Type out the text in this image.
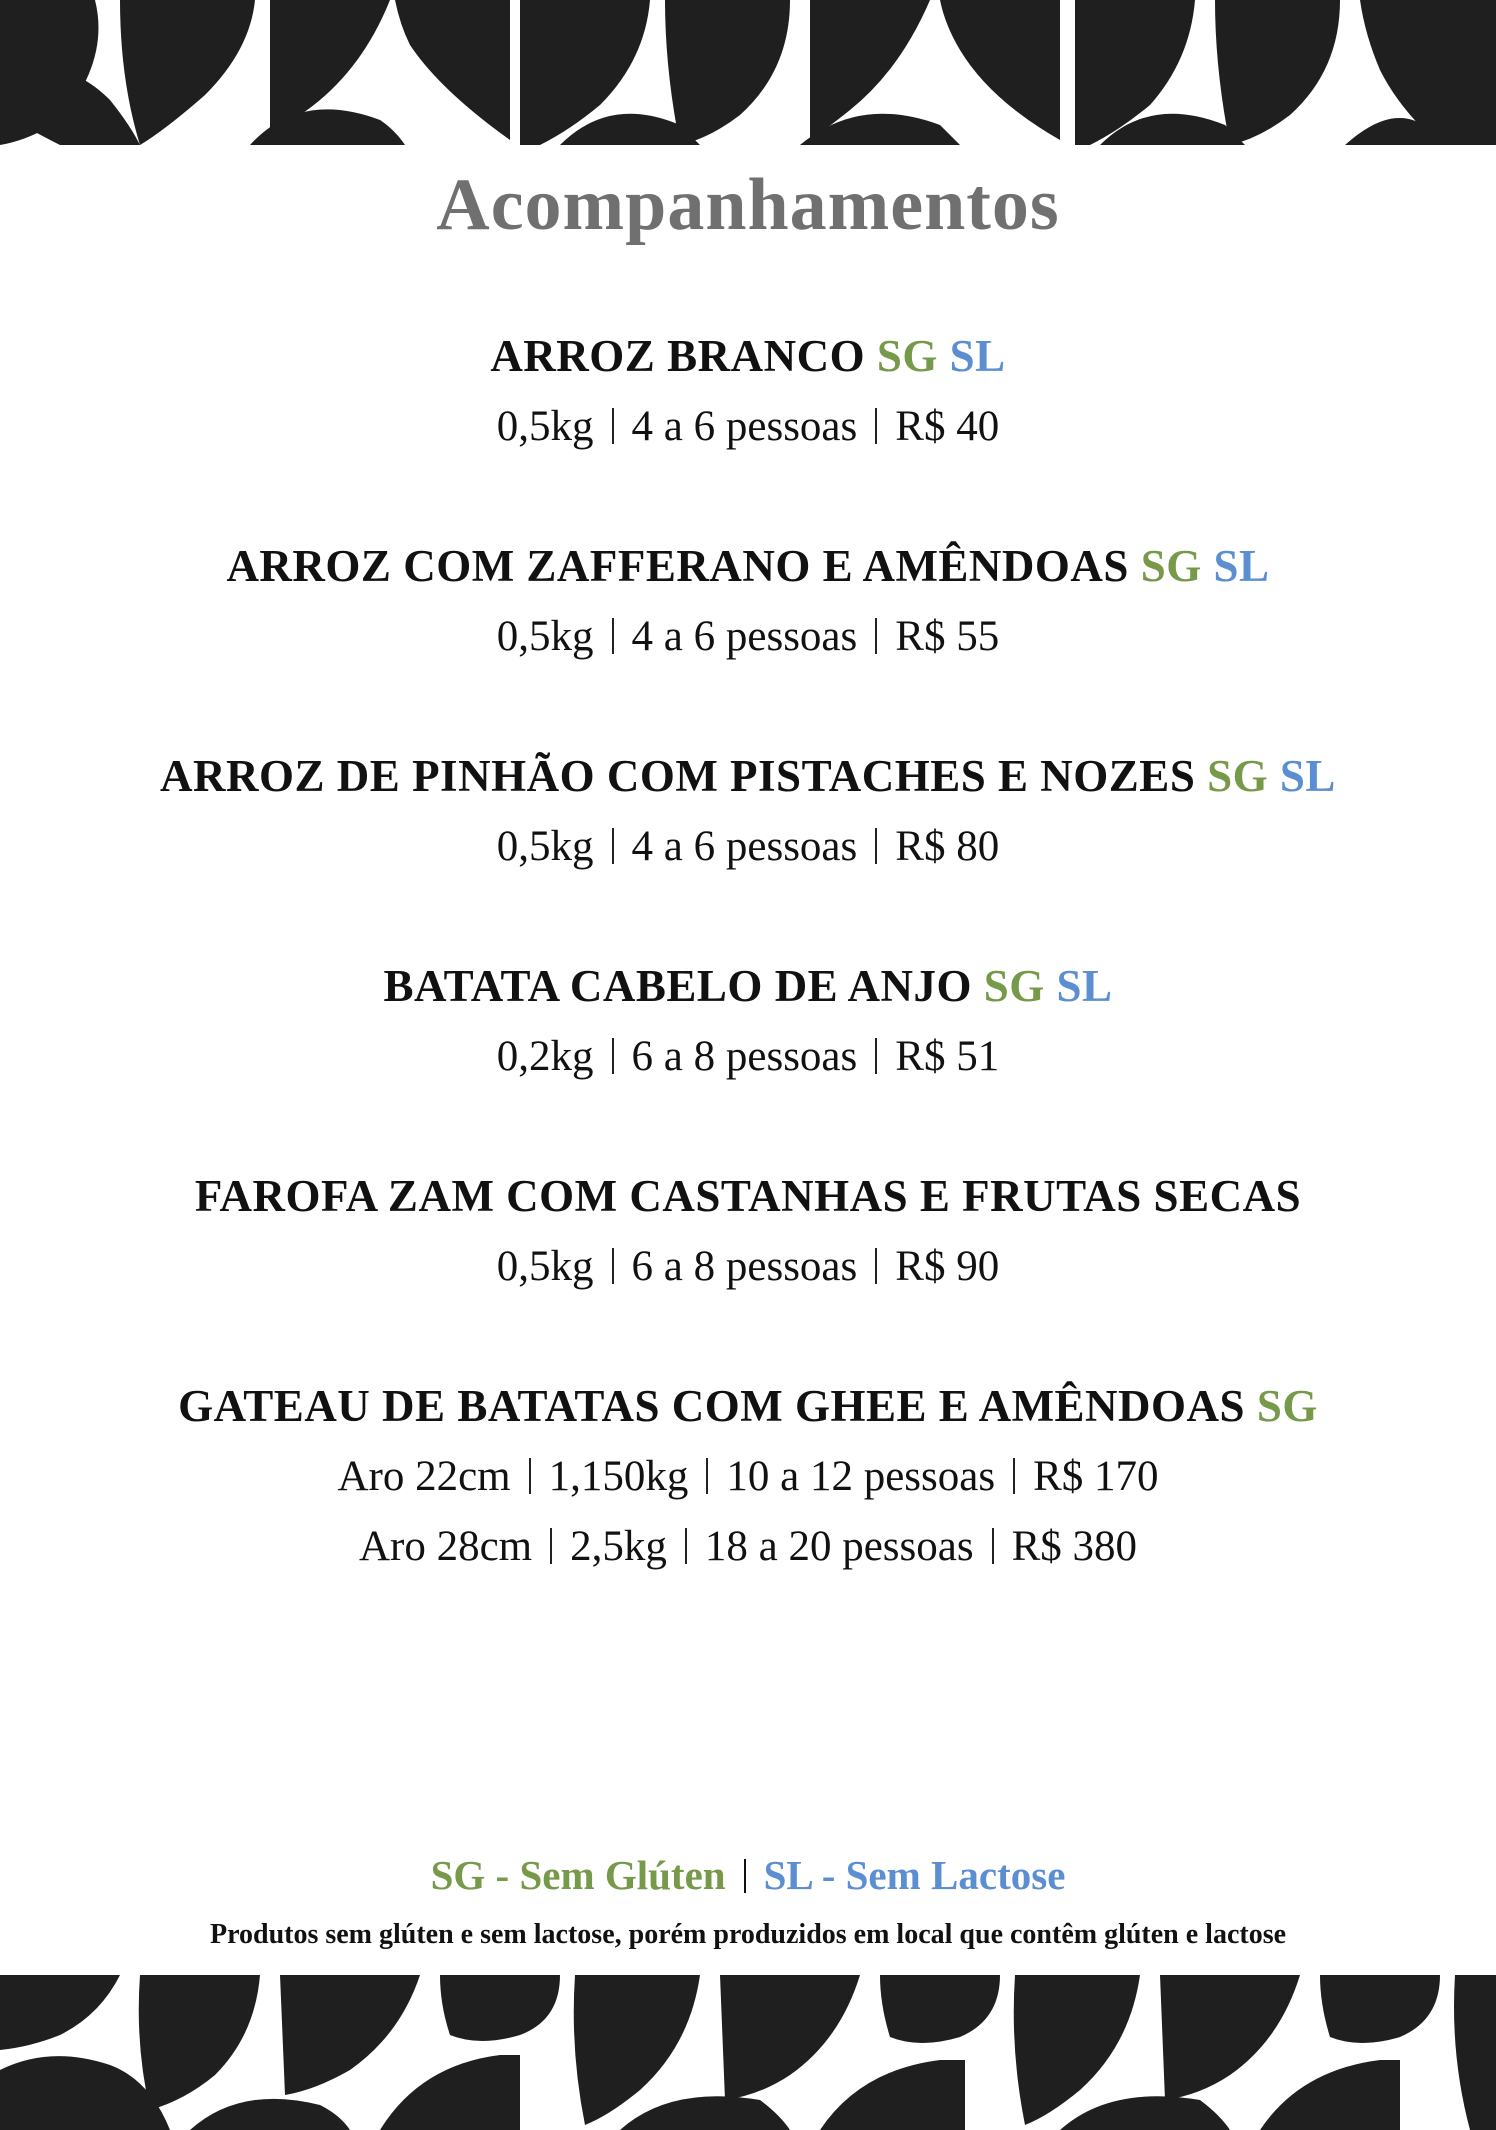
Acompanhamentos
ARROZ BRANCO SG SL
0,5kg 4 a 6 pessoas R$ 40
ARROZ COM ZAFFERANO E AMÊNDOAS SG SL
0,5kg 4 a 6 pessoas R$ 55
ARROZ DE PINHÃO COM PISTACHES E NOZES SG SL
0,5kg 4 a 6 pessoas R$ 80
BATATA CABELO DE ANJO SG SL
0,2kg 6 a 8 pessoas R$ 51
FAROFA ZAM COM CASTANHAS E FRUTAS SECAS
0,5kg 6 a 8 pessoas R$ 90
GATEAU DE BATATAS COM GHEE E AMÊNDOAS SG
Aro 22cm 1,150kg 10 a 12 pessoas R$ 170
Aro 28cm 2,5kg 18 a 20 pessoas R$ 380
SG - Sem Glúten SL - Sem Lactose
Produtos sem glúten e sem lactose, porém produzidos em local que contêm glúten e lactose
